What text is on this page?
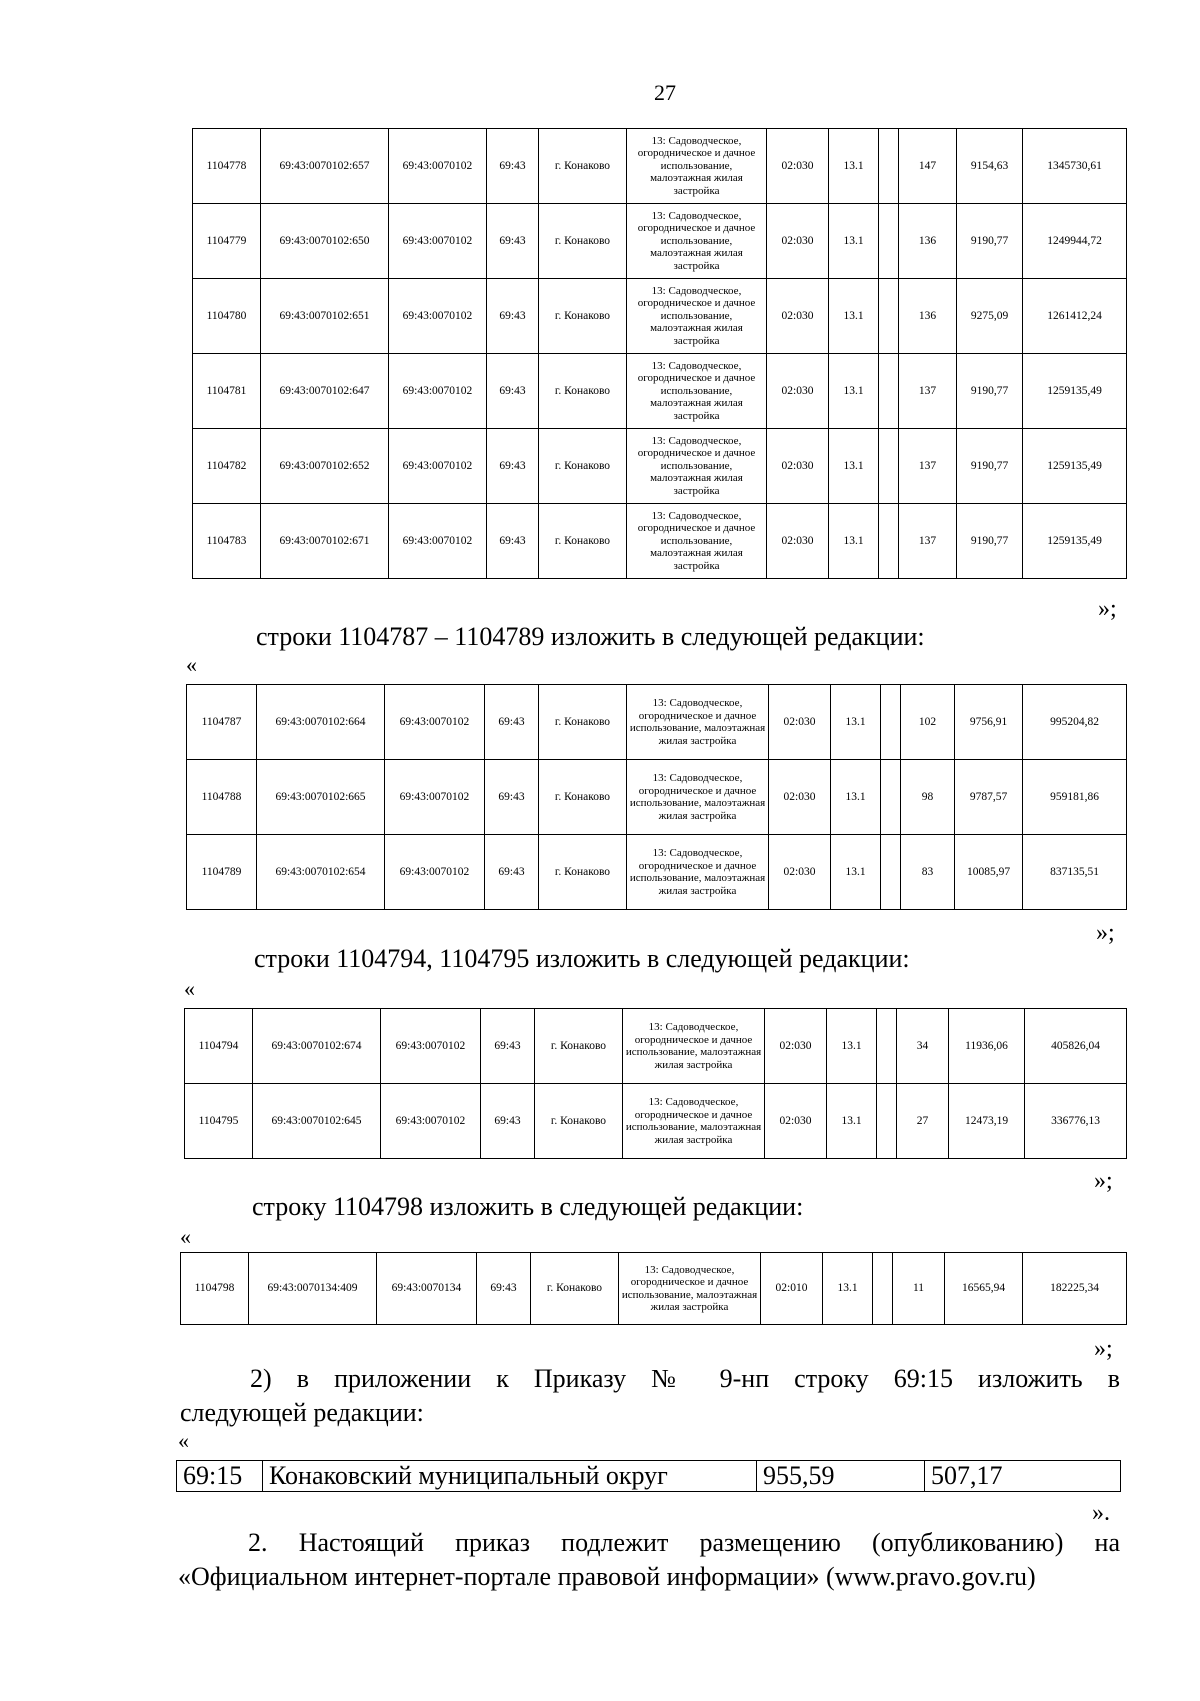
27
1104778	69:43:0070102:657	69:43:0070102	69:43	г. Конаково	13: Садоводческое, огородническое и дачное использование, малоэтажная жилая застройка	02:030	13.1		147	9154,63	1345730,61
1104779	69:43:0070102:650	69:43:0070102	69:43	г. Конаково	13: Садоводческое, огородническое и дачное использование, малоэтажная жилая застройка	02:030	13.1		136	9190,77	1249944,72
1104780	69:43:0070102:651	69:43:0070102	69:43	г. Конаково	13: Садоводческое, огородническое и дачное использование, малоэтажная жилая застройка	02:030	13.1		136	9275,09	1261412,24
1104781	69:43:0070102:647	69:43:0070102	69:43	г. Конаково	13: Садоводческое, огородническое и дачное использование, малоэтажная жилая застройка	02:030	13.1		137	9190,77	1259135,49
1104782	69:43:0070102:652	69:43:0070102	69:43	г. Конаково	13: Садоводческое, огородническое и дачное использование, малоэтажная жилая застройка	02:030	13.1		137	9190,77	1259135,49
1104783	69:43:0070102:671	69:43:0070102	69:43	г. Конаково	13: Садоводческое, огородническое и дачное использование, малоэтажная жилая застройка	02:030	13.1		137	9190,77	1259135,49
»;
строки 1104787 – 1104789 изложить в следующей редакции:
«
1104787	69:43:0070102:664	69:43:0070102	69:43	г. Конаково	13: Садоводческое, огородническое и дачное использование, малоэтажная жилая застройка	02:030	13.1		102	9756,91	995204,82
1104788	69:43:0070102:665	69:43:0070102	69:43	г. Конаково	13: Садоводческое, огородническое и дачное использование, малоэтажная жилая застройка	02:030	13.1		98	9787,57	959181,86
1104789	69:43:0070102:654	69:43:0070102	69:43	г. Конаково	13: Садоводческое, огородническое и дачное использование, малоэтажная жилая застройка	02:030	13.1		83	10085,97	837135,51
»;
строки 1104794, 1104795 изложить в следующей редакции:
«
1104794	69:43:0070102:674	69:43:0070102	69:43	г. Конаково	13: Садоводческое, огородническое и дачное использование, малоэтажная жилая застройка	02:030	13.1		34	11936,06	405826,04
1104795	69:43:0070102:645	69:43:0070102	69:43	г. Конаково	13: Садоводческое, огородническое и дачное использование, малоэтажная жилая застройка	02:030	13.1		27	12473,19	336776,13
»;
строку 1104798 изложить в следующей редакции:
«
1104798	69:43:0070134:409	69:43:0070134	69:43	г. Конаково	13: Садоводческое, огородническое и дачное использование, малоэтажная жилая застройка	02:010	13.1		11	16565,94	182225,34
»;
2) в приложении к Приказу № 9-нп строку 69:15 изложить в
следующей редакции:
«
69:15	Конаковский муниципальный округ	955,59	507,17
».
2. Настоящий приказ подлежит размещению (опубликованию) на
«Официальном интернет-портале правовой информации» (www.pravo.gov.ru)
